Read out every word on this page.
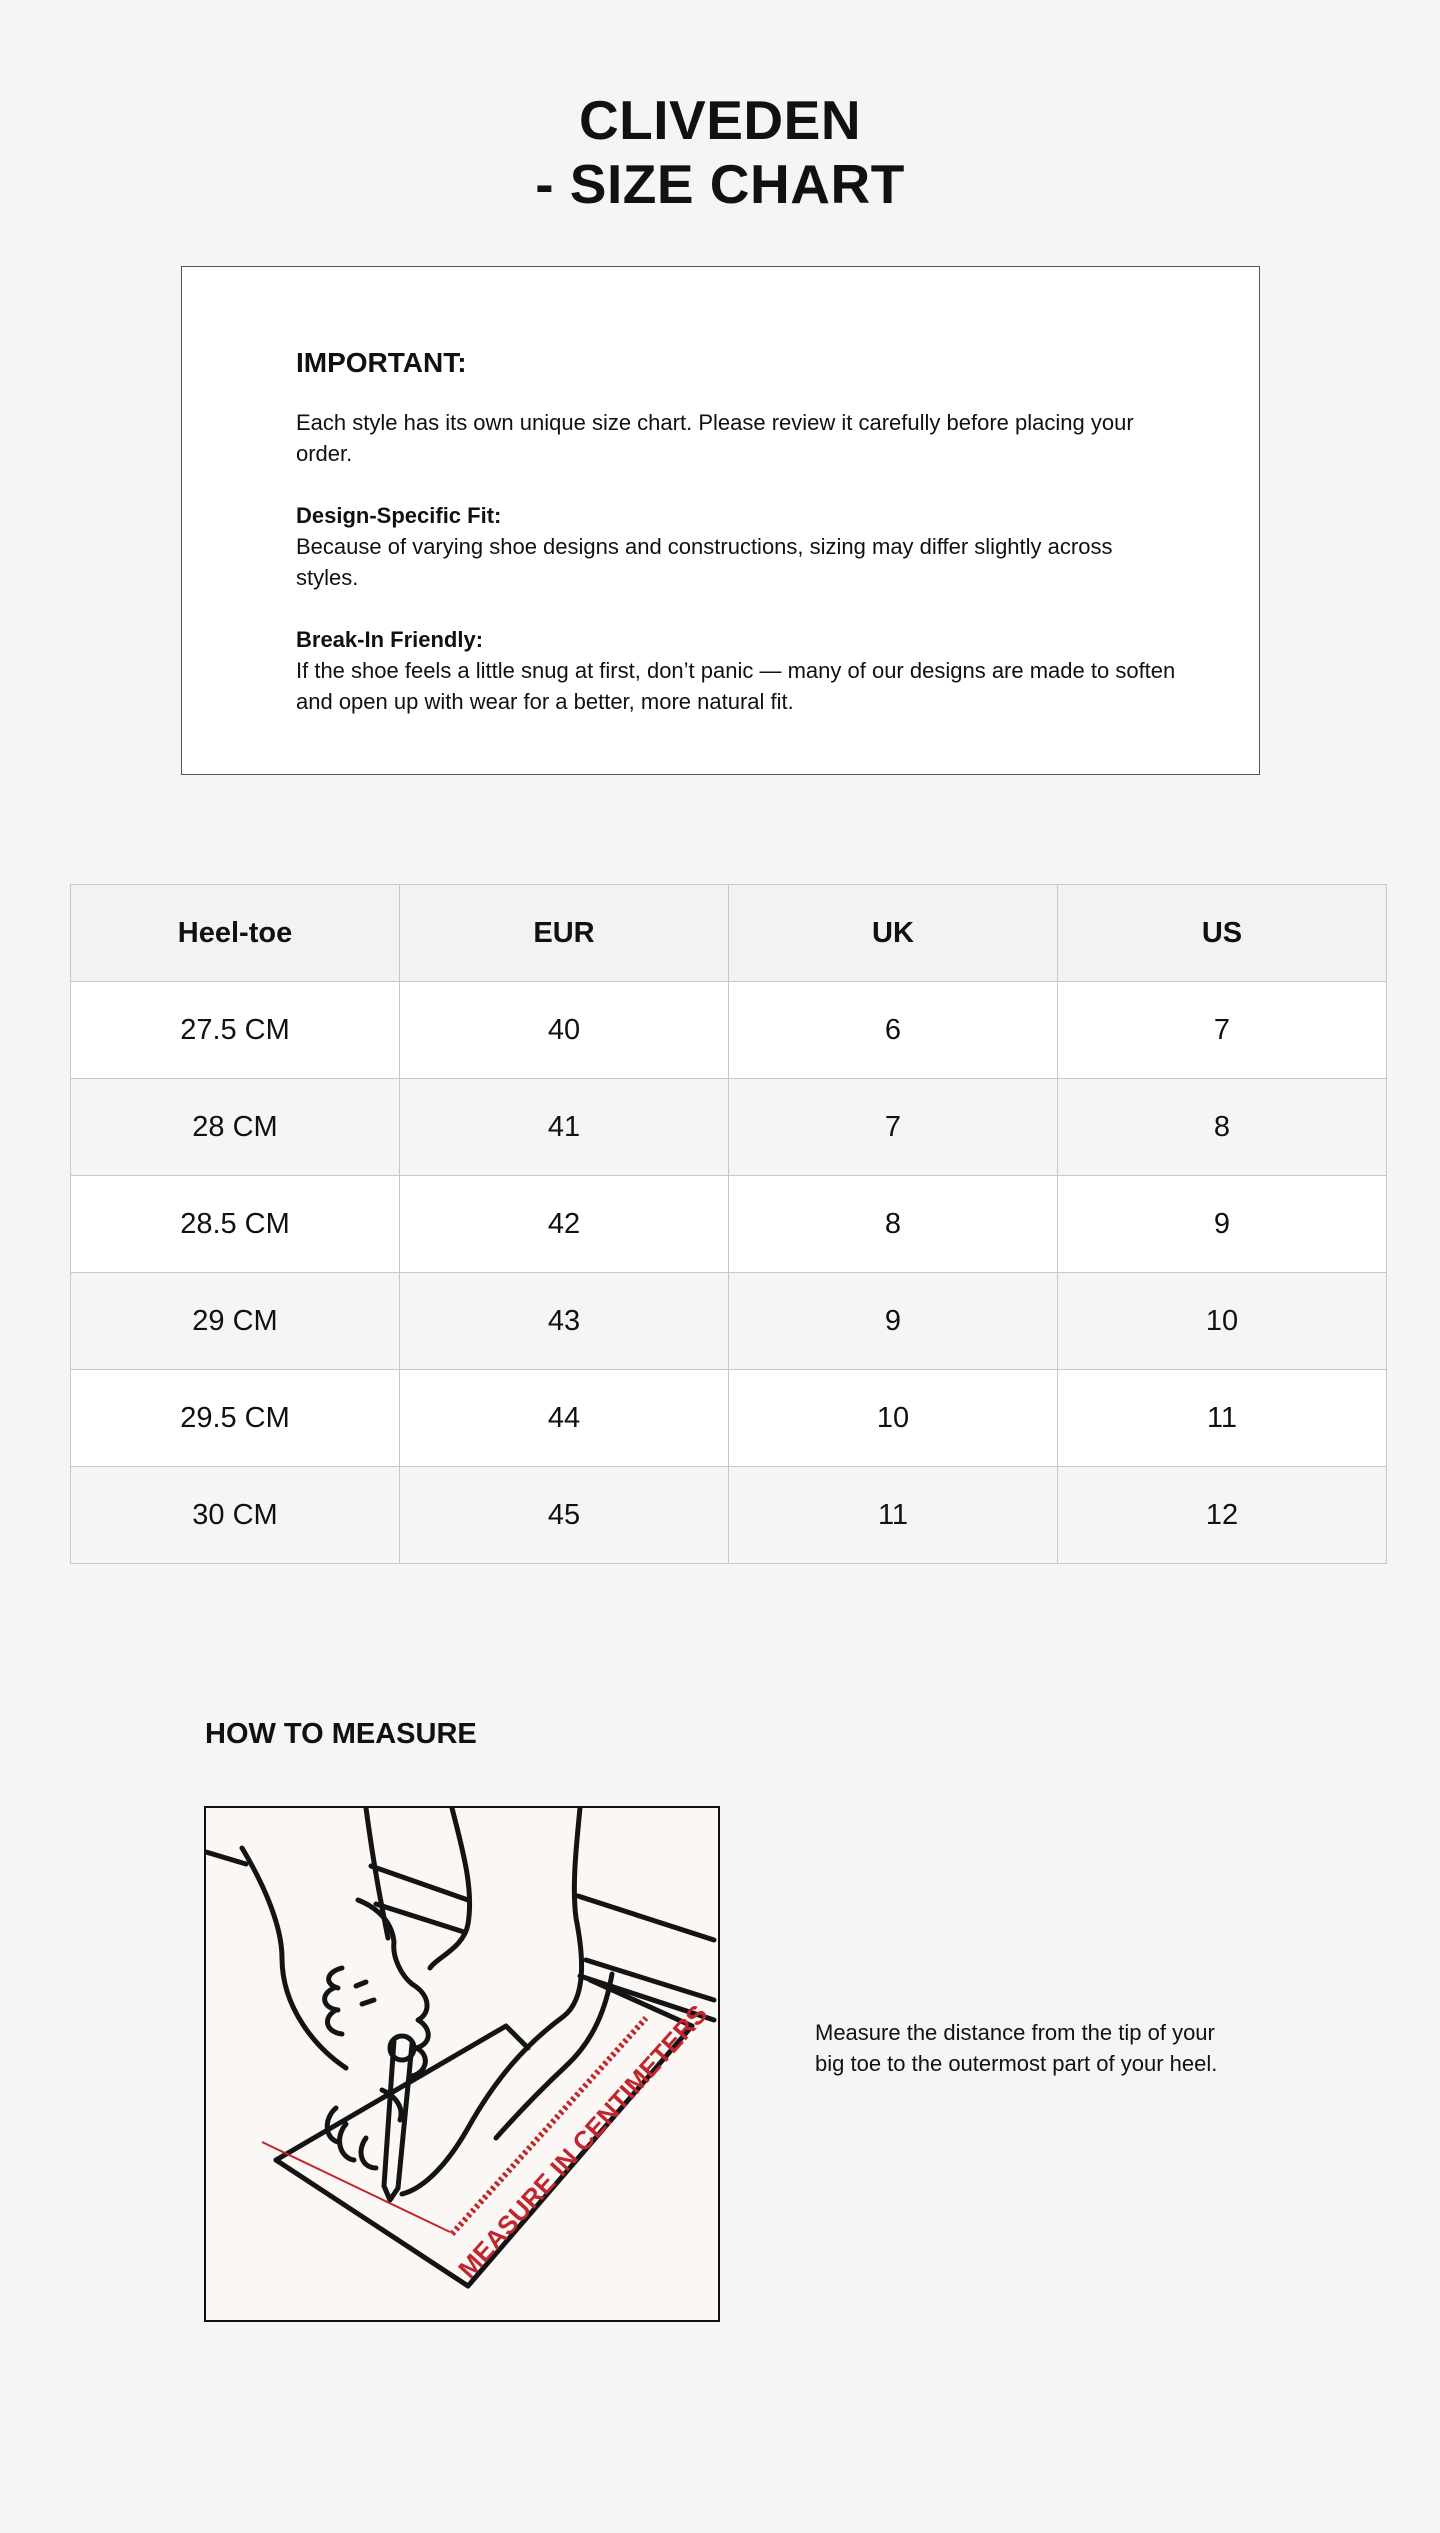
CLIVEDEN
- SIZE CHART
IMPORTANT:

Each style has its own unique size chart. Please review it carefully before placing your order.

Design-Specific Fit:
Because of varying shoe designs and constructions, sizing may differ slightly across styles.

Break-In Friendly:
If the shoe feels a little snug at first, don’t panic — many of our designs are made to soften and open up with wear for a better, more natural fit.

Heel-toe	EUR	UK	US
27.5 CM	40	6	7
28 CM	41	7	8
28.5 CM	42	8	9
29 CM	43	9	10
29.5 CM	44	10	11
30 CM	45	11	12
HOW TO MEASURE
MEASURE IN CENTIMETERS	Measure the distance from the tip of your big toe to the outermost part of your heel.
